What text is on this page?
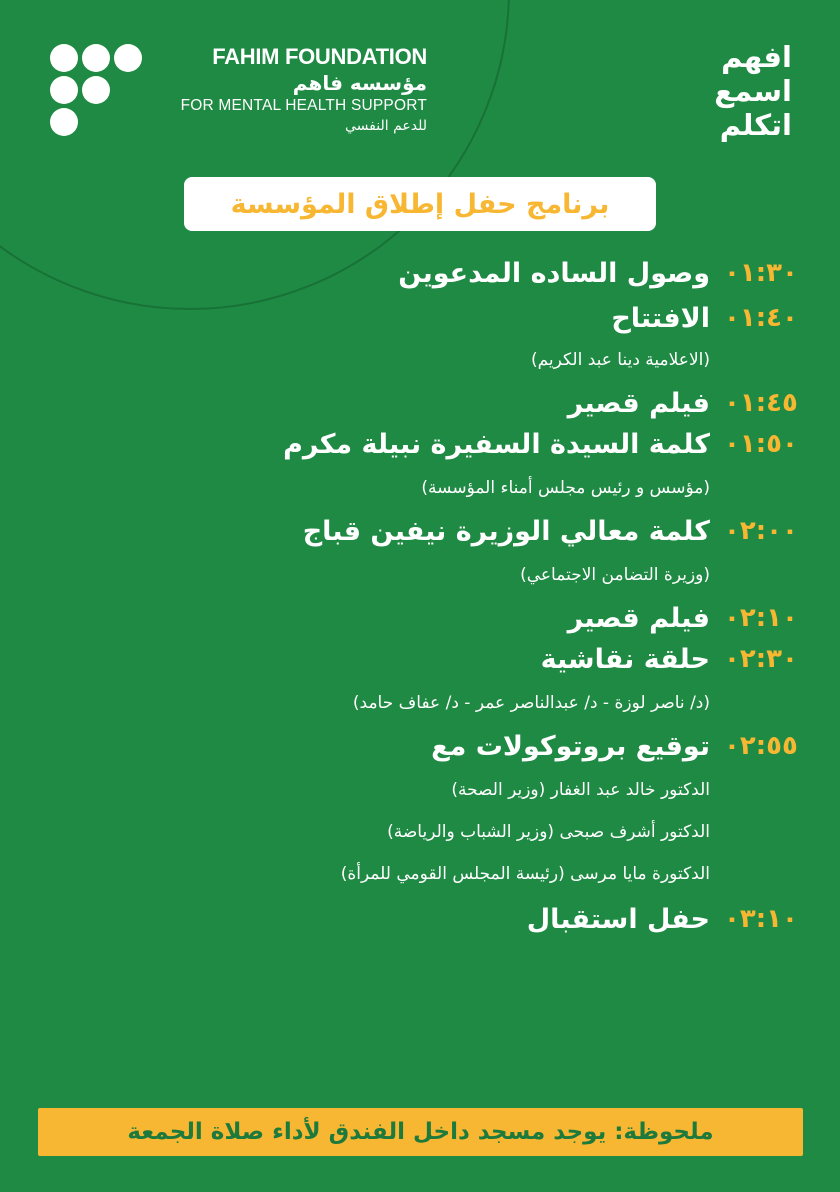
FAHIM FOUNDATION
مؤسسه فاهم
FOR MENTAL HEALTH SUPPORT
للدعم النفسي
افهم
اسمع
اتكلم
برنامج حفل إطلاق المؤسسة
٠١:٣٠
وصول الساده المدعوين
٠١:٤٠
الافتتاح
(الاعلامية دينا عبد الكريم)
٠١:٤٥
فيلم قصير
٠١:٥٠
كلمة السيدة السفيرة نبيلة مكرم
(مؤسس و رئيس مجلس أمناء المؤسسة)
٠٢:٠٠
كلمة معالي الوزيرة نيفين قباج
(وزيرة التضامن الاجتماعي)
٠٢:١٠
فيلم قصير
٠٢:٣٠
حلقة نقاشية
(د/ ناصر لوزة - د/ عبدالناصر عمر - د/ عفاف حامد)
٠٢:٥٥
توقيع بروتوكولات مع
الدكتور خالد عبد الغفار (وزير الصحة)
الدكتور أشرف صبحى (وزير الشباب والرياضة)
الدكتورة مايا مرسى (رئيسة المجلس القومي للمرأة)
٠٣:١٠
حفل استقبال
ملحوظة: يوجد مسجد داخل الفندق لأداء صلاة الجمعة
